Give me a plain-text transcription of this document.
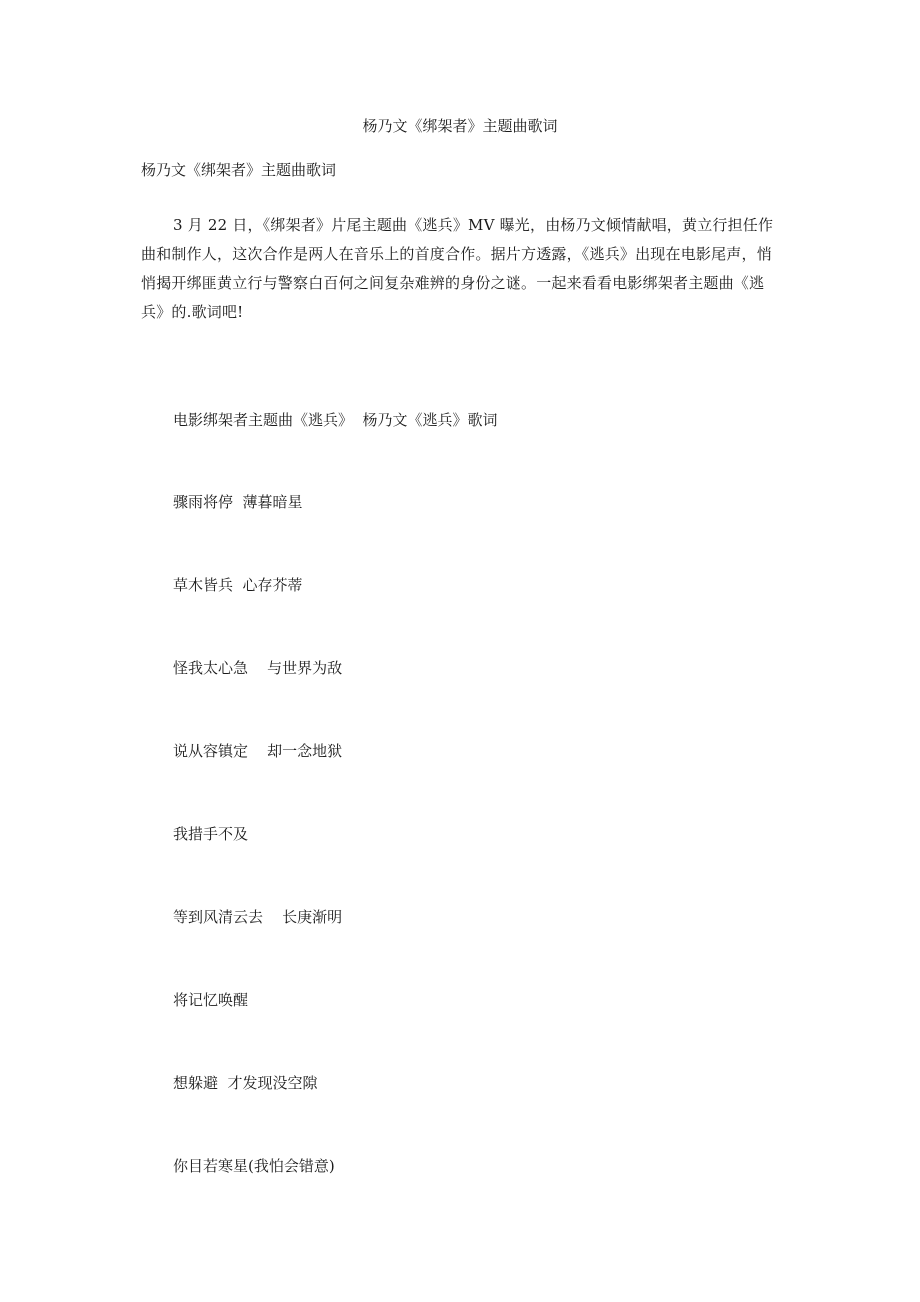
杨乃文《绑架者》主题曲歌词
杨乃文《绑架者》主题曲歌词

3 月 22 日，《绑架者》片尾主题曲《逃兵》MV 曝光，由杨乃文倾情献唱，黄立行担任作曲和制作人，这次合作是两人在音乐上的首度合作。据片方透露，《逃兵》出现在电影尾声，悄悄揭开绑匪黄立行与警察白百何之间复杂难辨的身份之谜。一起来看看电影绑架者主题曲《逃兵》的.歌词吧!

电影绑架者主题曲《逃兵》  杨乃文《逃兵》歌词
骤雨将停  薄暮暗星
草木皆兵  心存芥蒂
怪我太心急    与世界为敌
说从容镇定    却一念地狱
我措手不及
等到风清云去    长庚渐明
将记忆唤醒
想躲避  才发现没空隙
你目若寒星(我怕会错意)
